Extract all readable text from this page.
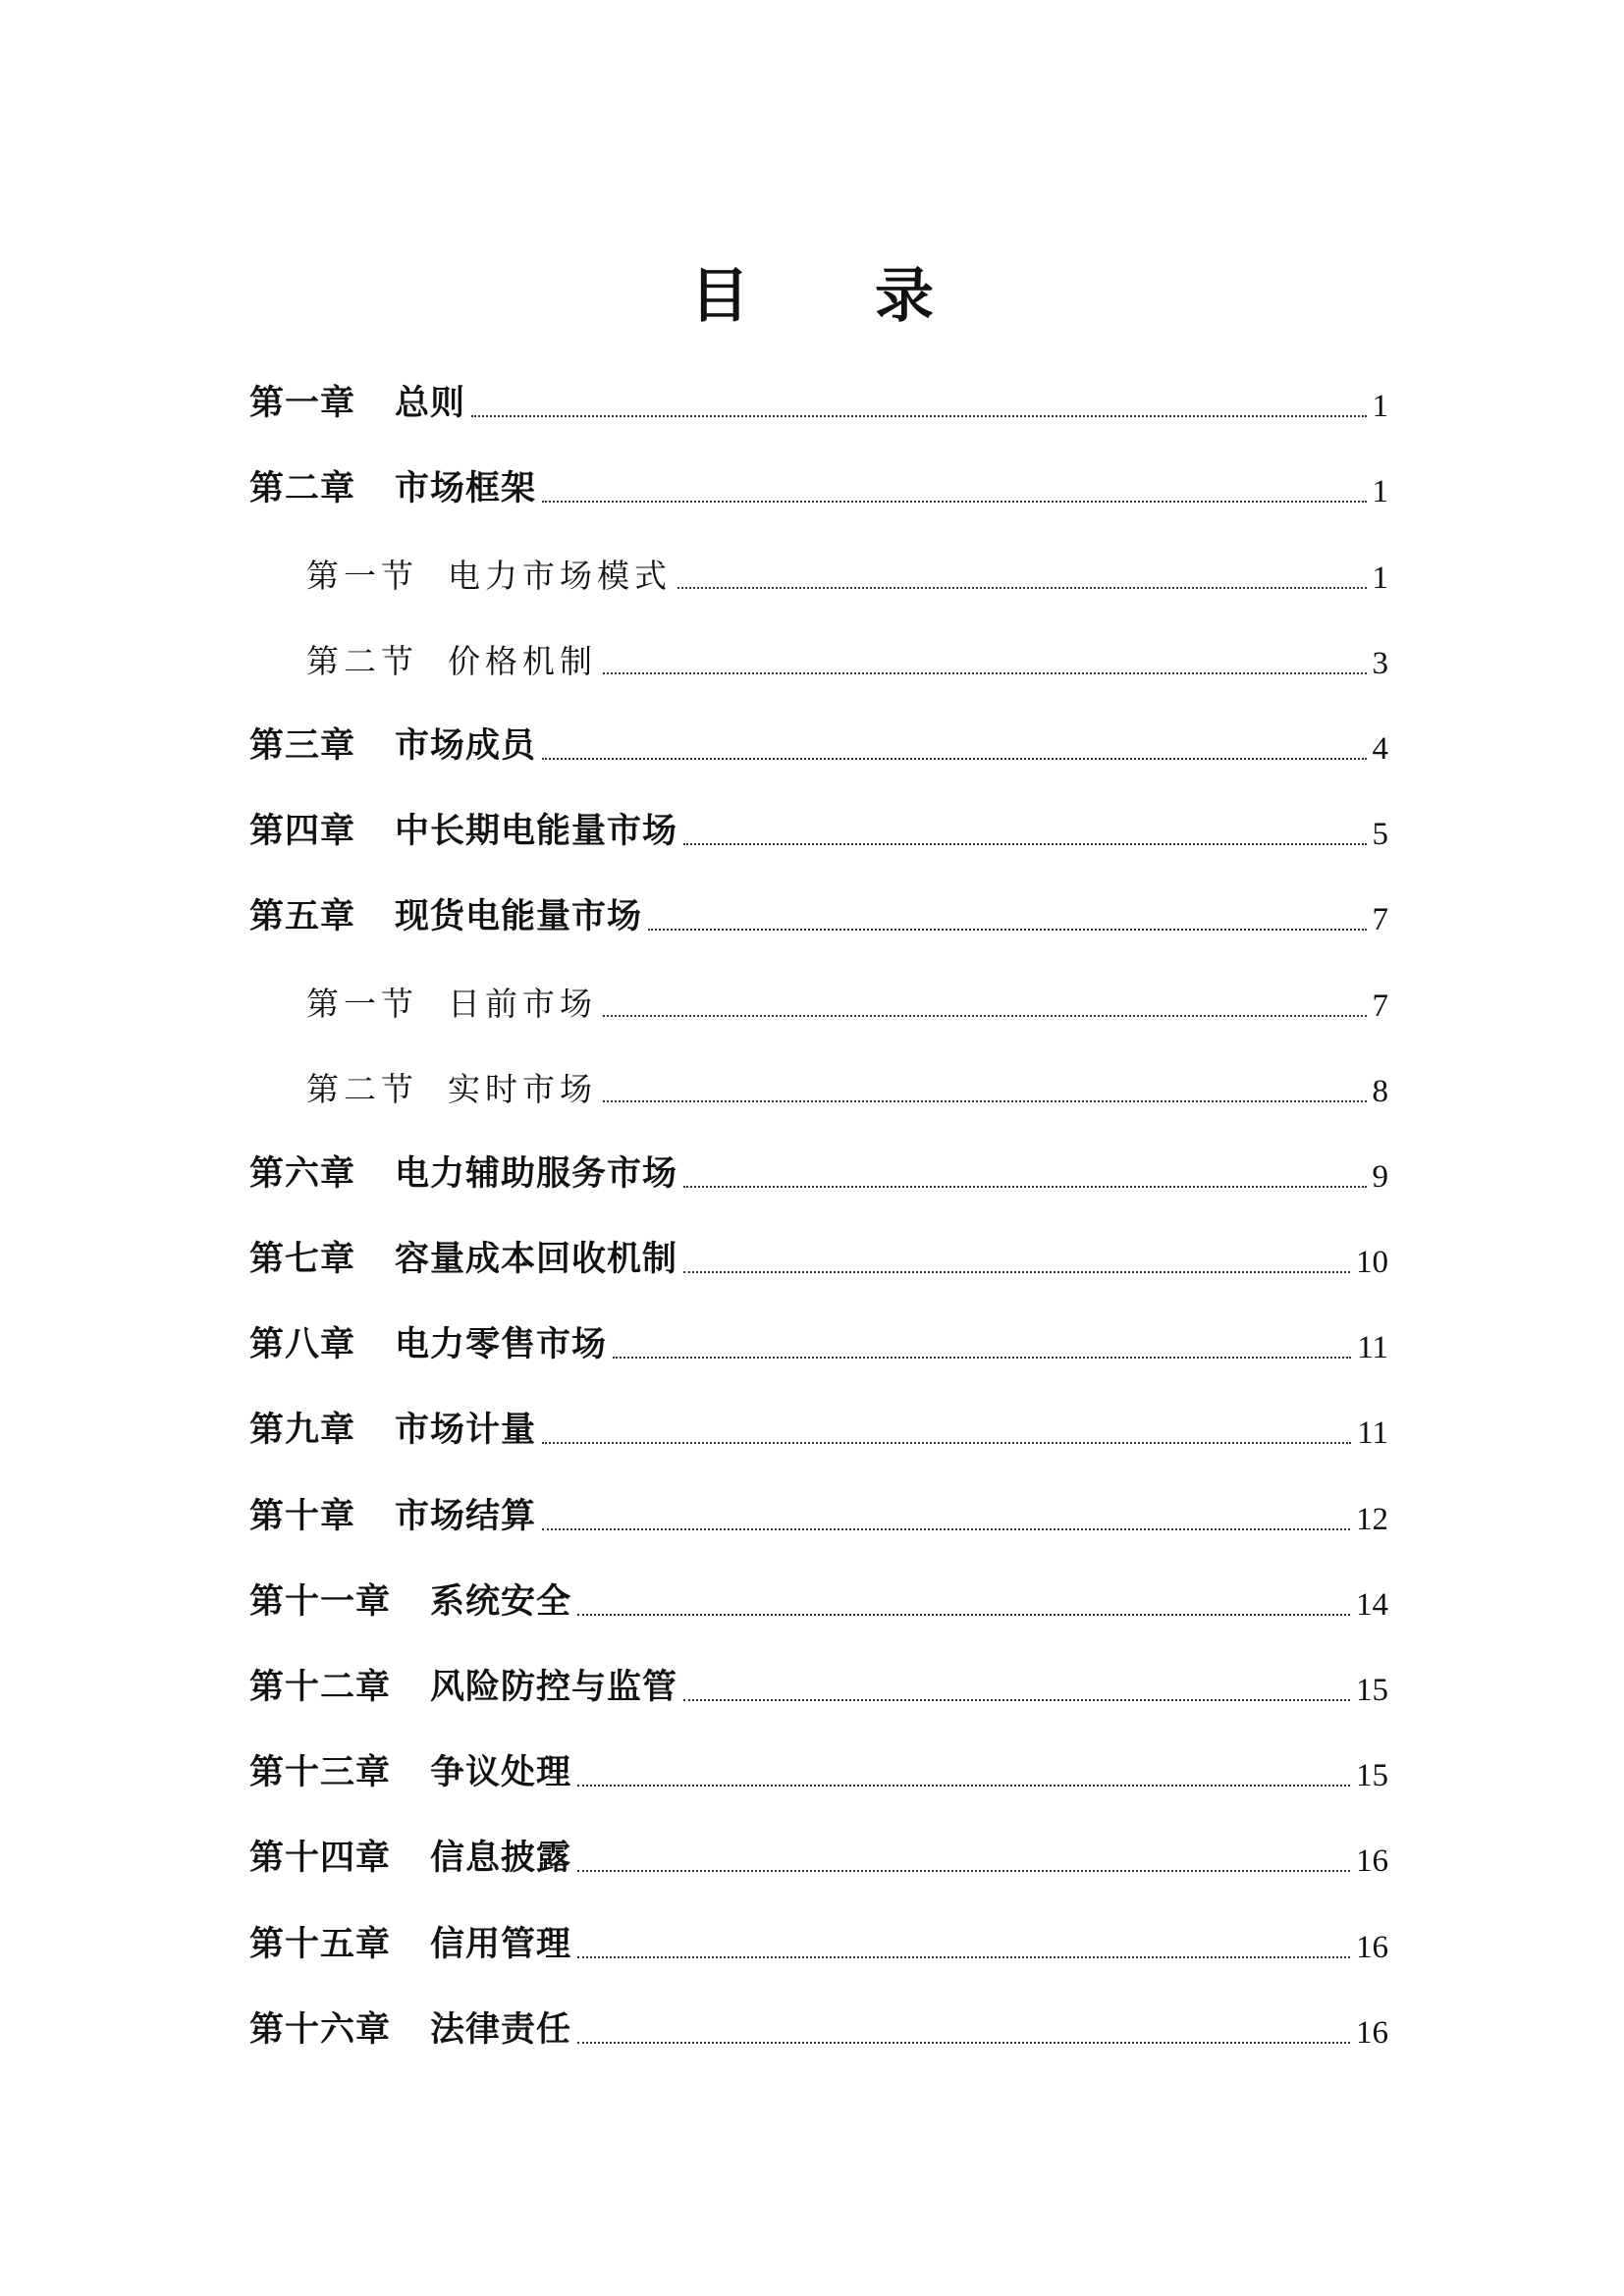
目 录
第一章 总则	1
第二章 市场框架	1
第一节 电力市场模式	1
第二节 价格机制	3
第三章 市场成员	4
第四章 中长期电能量市场	5
第五章 现货电能量市场	7
第一节 日前市场	7
第二节 实时市场	8
第六章 电力辅助服务市场	9
第七章 容量成本回收机制	10
第八章 电力零售市场	11
第九章 市场计量	11
第十章 市场结算	12
第十一章 系统安全	14
第十二章 风险防控与监管	15
第十三章 争议处理	15
第十四章 信息披露	16
第十五章 信用管理	16
第十六章 法律责任	16
